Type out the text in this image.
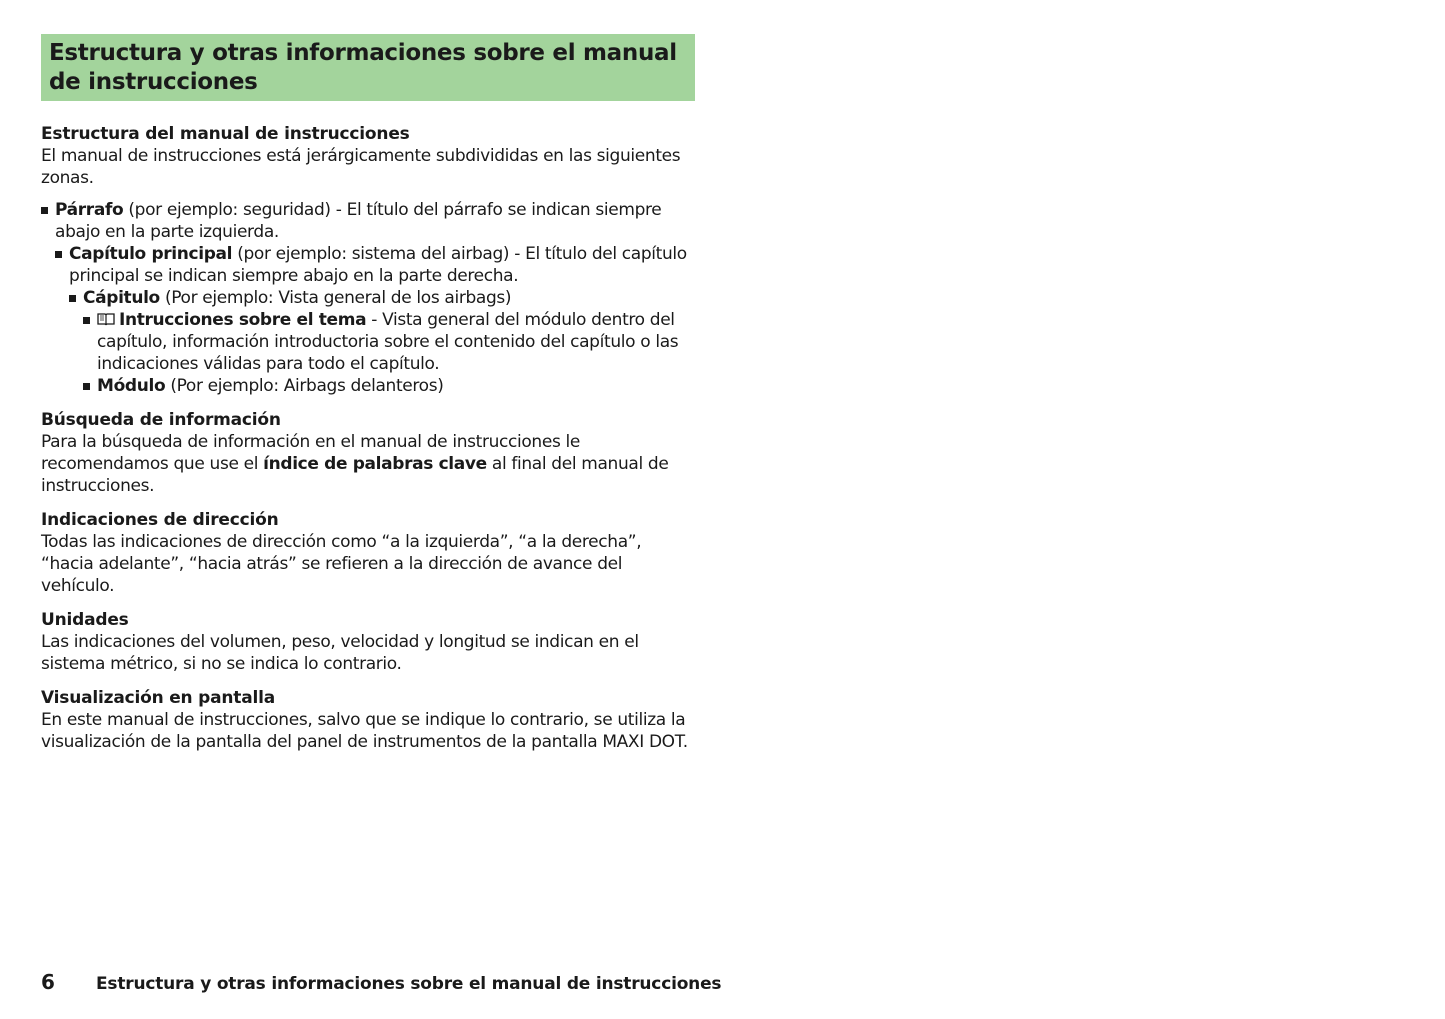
Estructura y otras informaciones sobre el manual de instrucciones

Estructura del manual de instrucciones

El manual de instrucciones está jerárgicamente subdivididas en las siguientes zonas.

Párrafo (por ejemplo: seguridad) - El título del párrafo se indican siempre abajo en la parte izquierda.
Capítulo principal (por ejemplo: sistema del airbag) - El título del capítulo principal se indican siempre abajo en la parte derecha.
Cápitulo (Por ejemplo: Vista general de los airbags)
Intrucciones sobre el tema - Vista general del módulo dentro del capítulo, información introductoria sobre el contenido del capítulo o las indicaciones válidas para todo el capítulo.
Módulo (Por ejemplo: Airbags delanteros)

Búsqueda de información

Para la búsqueda de información en el manual de instrucciones le recomendamos que use el índice de palabras clave al final del manual de instrucciones.

Indicaciones de dirección

Todas las indicaciones de dirección como “a la izquierda”, “a la derecha”, “hacia adelante”, “hacia atrás” se refieren a la dirección de avance del vehículo.

Unidades

Las indicaciones del volumen, peso, velocidad y longitud se indican en el sistema métrico, si no se indica lo contrario.

Visualización en pantalla

En este manual de instrucciones, salvo que se indique lo contrario, se utiliza la visualización de la pantalla del panel de instrumentos de la pantalla MAXI DOT.

6 Estructura y otras informaciones sobre el manual de instrucciones
